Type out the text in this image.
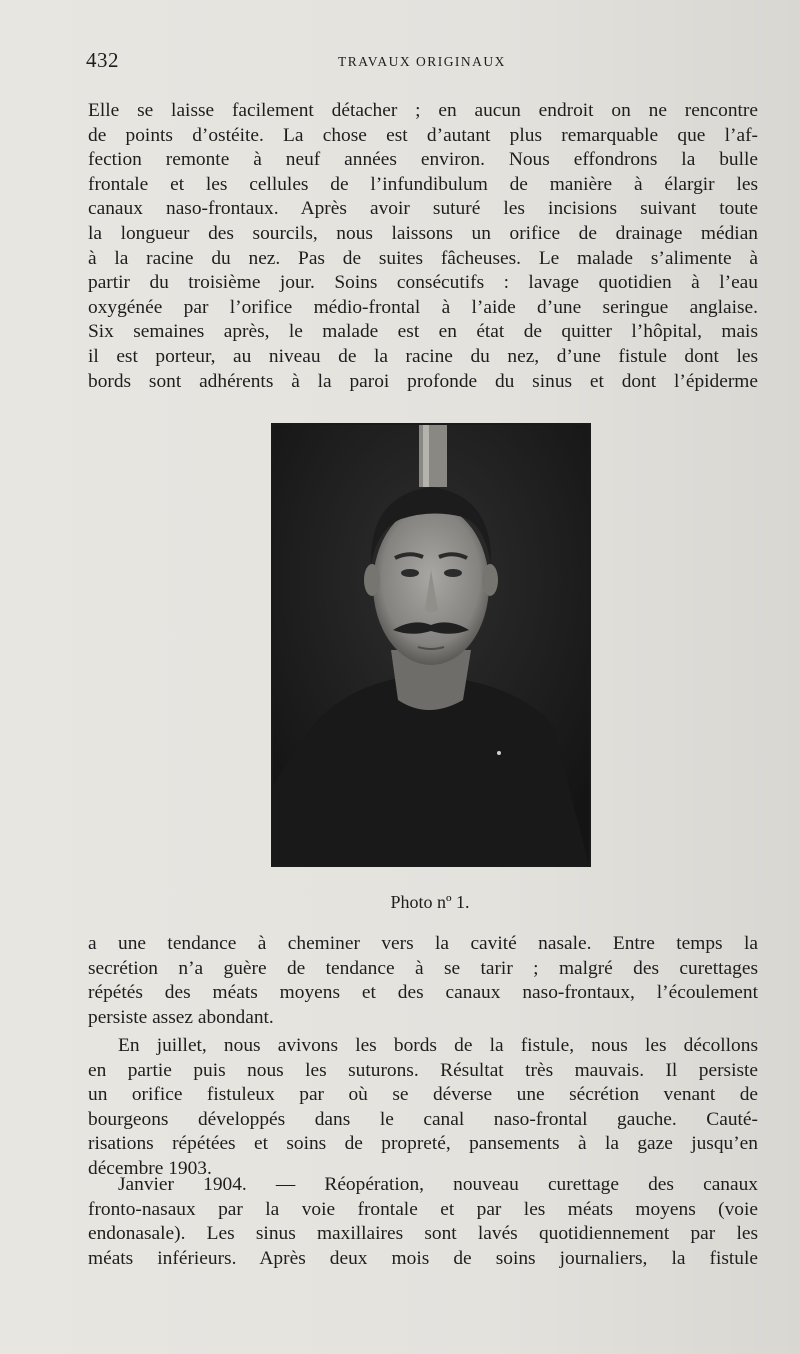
432	TRAVAUX ORIGINAUX
Elle se laisse facilement détacher ; en aucun endroit on ne rencontre
de points d’ostéite. La chose est d’autant plus remarquable que l’af-
fection remonte à neuf années environ. Nous effondrons la bulle
frontale et les cellules de l’infundibulum de manière à élargir les
canaux naso-frontaux. Après avoir suturé les incisions suivant toute
la longueur des sourcils, nous laissons un orifice de drainage médian
à la racine du nez. Pas de suites fâcheuses. Le malade s’alimente à
partir du troisième jour. Soins consécutifs : lavage quotidien à l’eau
oxygénée par l’orifice médio-frontal à l’aide d’une seringue anglaise.
Six semaines après, le malade est en état de quitter l’hôpital, mais
il est porteur, au niveau de la racine du nez, d’une fistule dont les
bords sont adhérents à la paroi profonde du sinus et dont l’épiderme
Photo nº 1.
a une tendance à cheminer vers la cavité nasale. Entre temps la
secrétion n’a guère de tendance à se tarir ; malgré des curettages
répétés des méats moyens et des canaux naso-frontaux, l’écoulement
persiste assez abondant.
En juillet, nous avivons les bords de la fistule, nous les décollons
en partie puis nous les suturons. Résultat très mauvais. Il persiste
un orifice fistuleux par où se déverse une sécrétion venant de
bourgeons développés dans le canal naso-frontal gauche. Cauté-
risations répétées et soins de propreté, pansements à la gaze jusqu’en
décembre 1903.
Janvier 1904. — Réopération, nouveau curettage des canaux
fronto-nasaux par la voie frontale et par les méats moyens (voie
endonasale). Les sinus maxillaires sont lavés quotidiennement par les
méats inférieurs. Après deux mois de soins journaliers, la fistule
